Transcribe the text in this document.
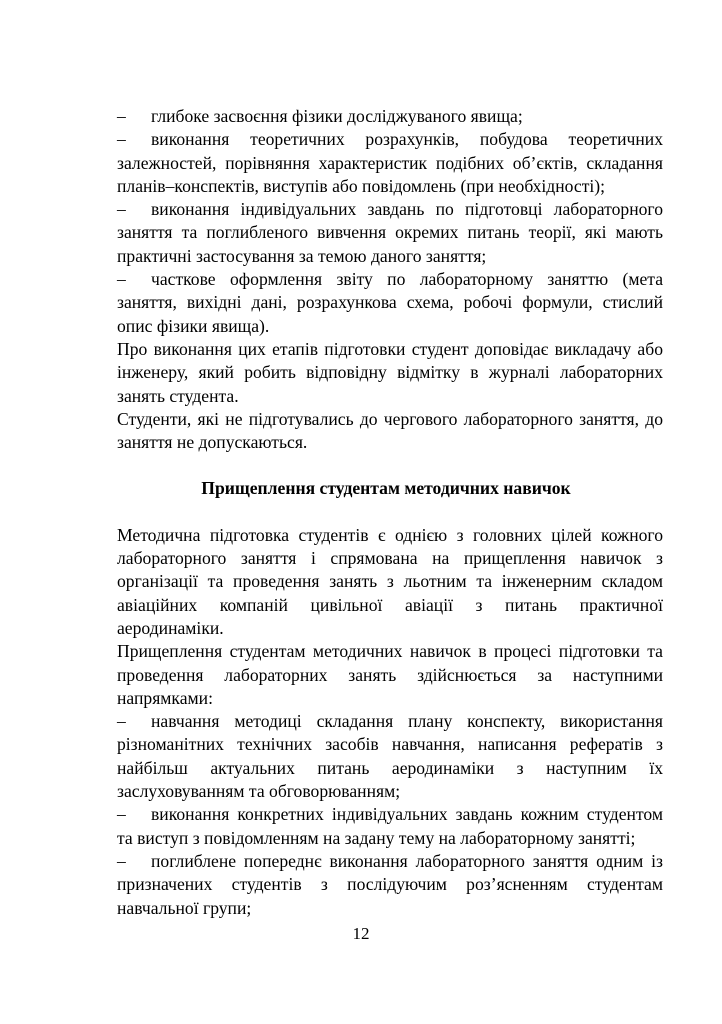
– глибоке засвоєння фізики досліджуваного явища;

– виконання теоретичних розрахунків, побудова теоретичних залежностей, порівняння характеристик подібних об’єктів, складання планів–конспектів, виступів або повідомлень (при необхідності);

– виконання індивідуальних завдань по підготовці лабораторного заняття та поглибленого вивчення окремих питань теорії, які мають практичні застосування за темою даного заняття;

– часткове оформлення звіту по лабораторному заняттю (мета заняття, вихідні дані, розрахункова схема, робочі формули, стислий опис фізики явища).

Про виконання цих етапів підготовки студент доповідає викладачу або інженеру, який робить відповідну відмітку в журналі лабораторних занять студента.

Студенти, які не підготувались до чергового лабораторного заняття, до заняття не допускаються.

Прищеплення студентам методичних навичок

Методична підготовка студентів є однією з головних цілей кожного лабораторного заняття і спрямована на прищеплення навичок з організації та проведення занять з льотним та інженерним складом авіаційних компаній цивільної авіації з питань практичної аеродинаміки.

Прищеплення студентам методичних навичок в процесі підготовки та проведення лабораторних занять здійснюється за наступними напрямками:

– навчання методиці складання плану конспекту, використання різноманітних технічних засобів навчання, написання рефератів з найбільш актуальних питань аеродинаміки з наступним їх заслуховуванням та обговорюванням;

– виконання конкретних індивідуальних завдань кожним студентом та виступ з повідомленням на задану тему на лабораторному занятті;

– поглиблене попереднє виконання лабораторного заняття одним із призначених студентів з послідуючим роз’ясненням студентам навчальної групи;

12
